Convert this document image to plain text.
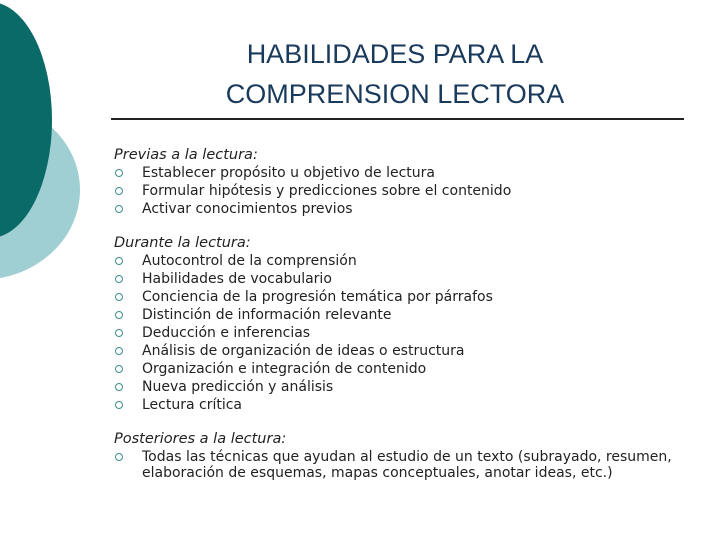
HABILIDADES PARA LA
COMPRENSION LECTORA

Previas a la lectura:

Establecer propósito u objetivo de lectura
Formular hipótesis y predicciones sobre el contenido
Activar conocimientos previos

Durante la lectura:

Autocontrol de la comprensión
Habilidades de vocabulario
Conciencia de la progresión temática por párrafos
Distinción de información relevante
Deducción e inferencias
Análisis de organización de ideas o estructura
Organización e integración de contenido
Nueva predicción y análisis
Lectura crítica

Posteriores a la lectura:

Todas las técnicas que ayudan al estudio de un texto (subrayado, resumen, elaboración de esquemas, mapas conceptuales, anotar ideas, etc.)
